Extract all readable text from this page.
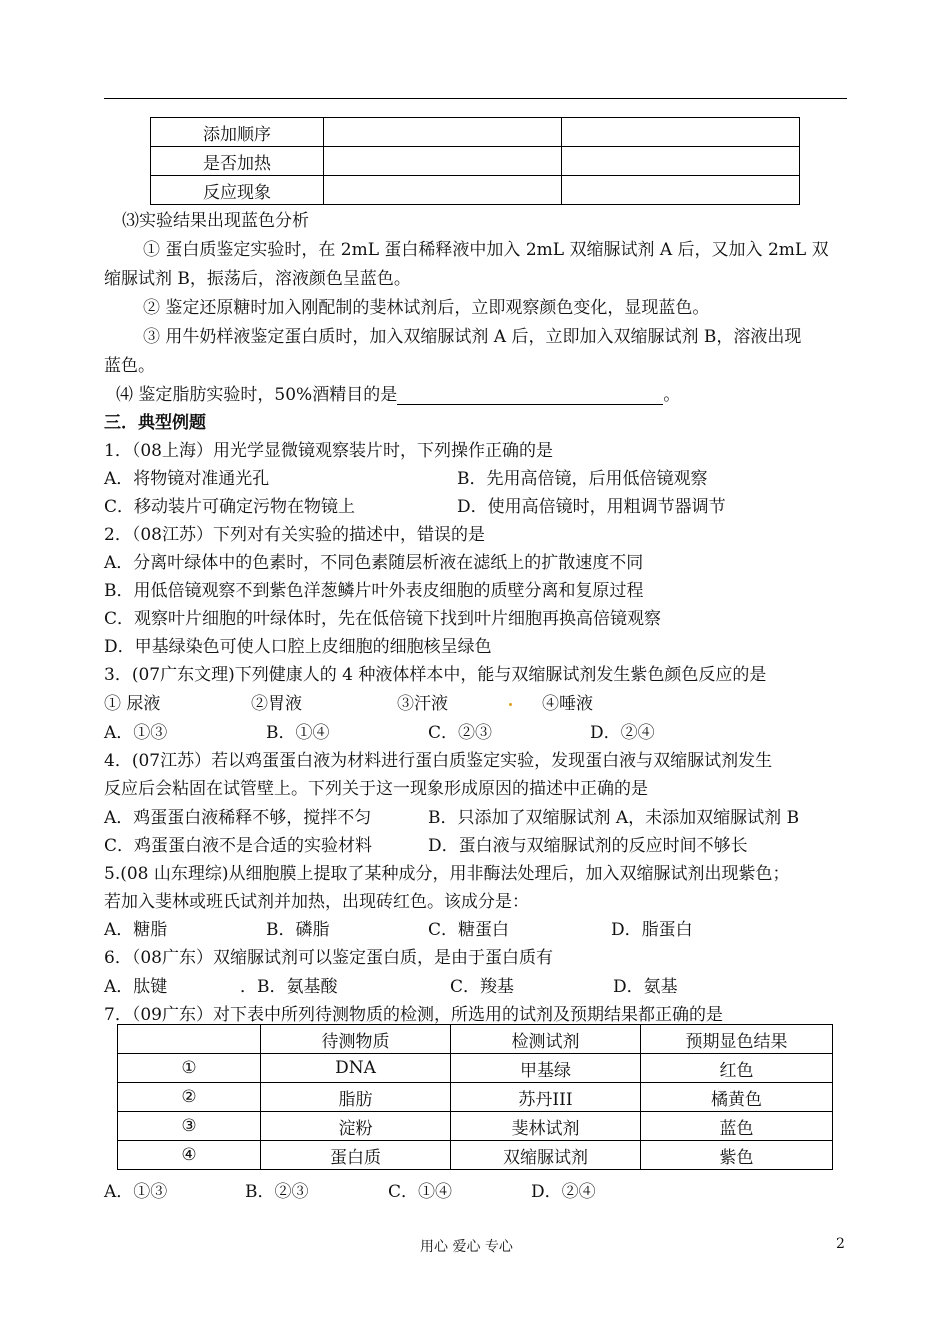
添加顺序		
是否加热		
反应现象		
⑶实验结果出现蓝色分析
① 蛋白质鉴定实验时，在 2mL 蛋白稀释液中加入 2mL 双缩脲试剂 A 后，又加入 2mL 双
缩脲试剂 B，振荡后，溶液颜色呈蓝色。
② 鉴定还原糖时加入刚配制的斐林试剂后，立即观察颜色变化，显现蓝色。
③ 用牛奶样液鉴定蛋白质时，加入双缩脲试剂 A 后，立即加入双缩脲试剂 B，溶液出现
蓝色。
⑷ 鉴定脂肪实验时，50%酒精目的是	。
三．典型例题
1．（08上海）用光学显微镜观察装片时，下列操作正确的是
A．将物镜对准通光孔	B．先用高倍镜，后用低倍镜观察
C．移动装片可确定污物在物镜上	D．使用高倍镜时，用粗调节器调节
2．（08江苏）下列对有关实验的描述中，错误的是
A．分离叶绿体中的色素时，不同色素随层析液在滤纸上的扩散速度不同
B．用低倍镜观察不到紫色洋葱鳞片叶外表皮细胞的质壁分离和复原过程
C．观察叶片细胞的叶绿体时，先在低倍镜下找到叶片细胞再换高倍镜观察
D．甲基绿染色可使人口腔上皮细胞的细胞核呈绿色
3．(07广东文理)下列健康人的 4 种液体样本中，能与双缩脲试剂发生紫色颜色反应的是
① 尿液	②胃液	③汗液	④唾液
A．①③	B．①④	C．②③	D．②④
4．(07江苏）若以鸡蛋蛋白液为材料进行蛋白质鉴定实验，发现蛋白液与双缩脲试剂发生
反应后会粘固在试管壁上。下列关于这一现象形成原因的描述中正确的是
A．鸡蛋蛋白液稀释不够，搅拌不匀	B．只添加了双缩脲试剂 A，未添加双缩脲试剂 B
C．鸡蛋蛋白液不是合适的实验材料	D．蛋白液与双缩脲试剂的反应时间不够长
5.(08 山东理综)从细胞膜上提取了某种成分，用非酶法处理后，加入双缩脲试剂出现紫色；
若加入斐林或班氏试剂并加热，出现砖红色。该成分是：
A．糖脂	B．磷脂	C．糖蛋白	D．脂蛋白
6．（08广东）双缩脲试剂可以鉴定蛋白质，是由于蛋白质有
A．肽键	．B．氨基酸	C．羧基	D．氨基
7．（09广东）对下表中所列待测物质的检测，所选用的试剂及预期结果都正确的是
	待测物质	检测试剂	预期显色结果
①	DNA	甲基绿	红色
②	脂肪	苏丹III	橘黄色
③	淀粉	斐林试剂	蓝色
④	蛋白质	双缩脲试剂	紫色
A．①③	B．②③	C．①④	D．②④
用心 爱心 专心	2
